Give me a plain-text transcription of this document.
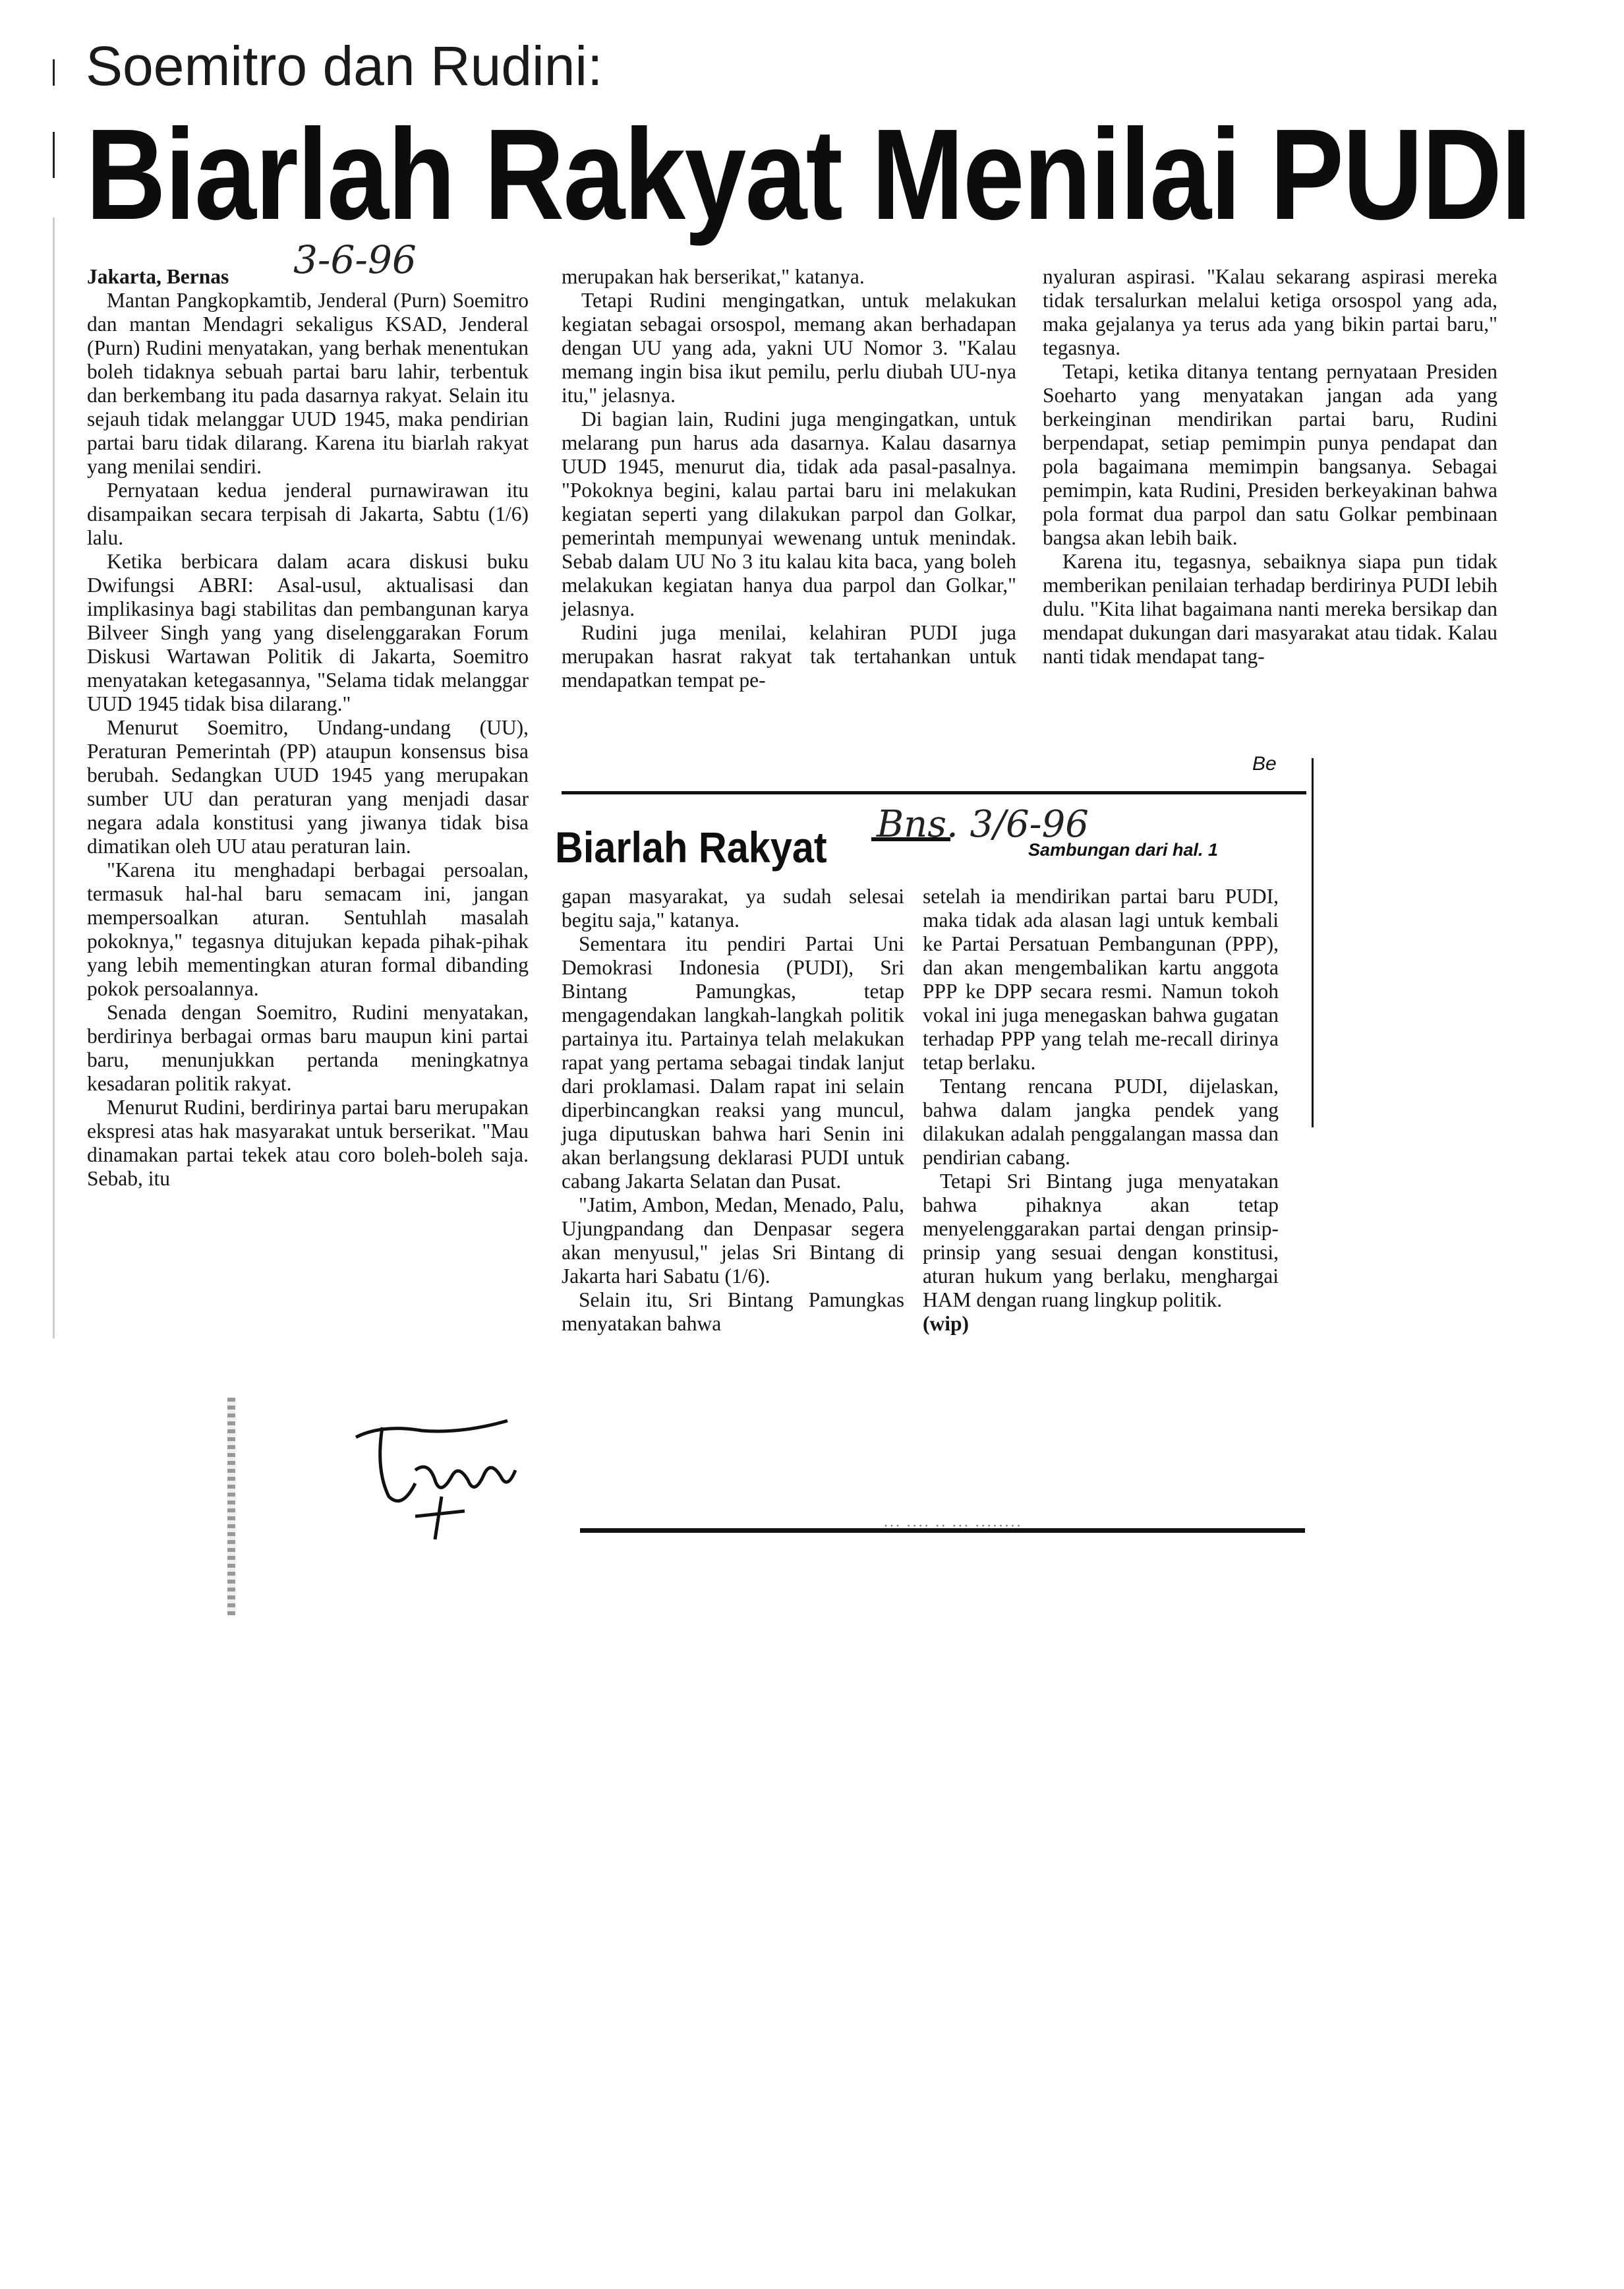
Soemitro dan Rudini:
Biarlah Rakyat Menilai PUDI
3-6-96

Jakarta, Bernas

Mantan Pangkopkamtib, Jenderal (Purn) Soemitro dan mantan Mendagri sekaligus KSAD, Jenderal (Purn) Rudini menyatakan, yang berhak menentukan boleh tidaknya sebuah partai baru lahir, terbentuk dan berkembang itu pada dasarnya rakyat. Selain itu sejauh tidak melanggar UUD 1945, maka pendirian partai baru tidak dilarang. Karena itu biarlah rakyat yang menilai sendiri.

Pernyataan kedua jenderal purnawirawan itu disampaikan secara terpisah di Jakarta, Sabtu (1/6) lalu.

Ketika berbicara dalam acara diskusi buku Dwifungsi ABRI: Asal-usul, aktualisasi dan implikasinya bagi stabilitas dan pembangunan karya Bilveer Singh yang yang diselenggarakan Forum Diskusi Wartawan Politik di Jakarta, Soemitro menyatakan ketegasannya, "Selama tidak melanggar UUD 1945 tidak bisa dilarang."

Menurut Soemitro, Undang-undang (UU), Peraturan Pemerintah (PP) ataupun konsensus bisa berubah. Sedangkan UUD 1945 yang merupakan sumber UU dan peraturan yang menjadi dasar negara adala konstitusi yang jiwanya tidak bisa dimatikan oleh UU atau peraturan lain.

"Karena itu menghadapi berbagai persoalan, termasuk hal-hal baru semacam ini, jangan mempersoalkan aturan. Sentuhlah masalah pokoknya," tegasnya ditujukan kepada pihak-pihak yang lebih mementingkan aturan formal dibanding pokok persoalannya.

Senada dengan Soemitro, Rudini menyatakan, berdirinya berbagai ormas baru maupun kini partai baru, menunjukkan pertanda meningkatnya kesadaran politik rakyat.

Menurut Rudini, berdirinya partai baru merupakan ekspresi atas hak masyarakat untuk berserikat. "Mau dinamakan partai tekek atau coro boleh-boleh saja. Sebab, itu

merupakan hak berserikat," katanya.

Tetapi Rudini mengingatkan, untuk melakukan kegiatan sebagai orsospol, memang akan berhadapan dengan UU yang ada, yakni UU Nomor 3. "Kalau memang ingin bisa ikut pemilu, perlu diubah UU-nya itu," jelasnya.

Di bagian lain, Rudini juga mengingatkan, untuk melarang pun harus ada dasarnya. Kalau dasarnya UUD 1945, menurut dia, tidak ada pasal-pasalnya. "Pokoknya begini, kalau partai baru ini melakukan kegiatan seperti yang dilakukan parpol dan Golkar, pemerintah mempunyai wewenang untuk menindak. Sebab dalam UU No 3 itu kalau kita baca, yang boleh melakukan kegiatan hanya dua parpol dan Golkar," jelasnya.

Rudini juga menilai, kelahiran PUDI juga merupakan hasrat rakyat tak tertahankan untuk mendapatkan tempat pe-

nyaluran aspirasi. "Kalau sekarang aspirasi mereka tidak tersalurkan melalui ketiga orsospol yang ada, maka gejalanya ya terus ada yang bikin partai baru," tegasnya.

Tetapi, ketika ditanya tentang pernyataan Presiden Soeharto yang menyatakan jangan ada yang berkeinginan mendirikan partai baru, Rudini berpendapat, setiap pemimpin punya pendapat dan pola bagaimana memimpin bangsanya. Sebagai pemimpin, kata Rudini, Presiden berkeyakinan bahwa pola format dua parpol dan satu Golkar pembinaan bangsa akan lebih baik.

Karena itu, tegasnya, sebaiknya siapa pun tidak memberikan penilaian terhadap berdirinya PUDI lebih dulu. "Kita lihat bagaimana nanti mereka bersikap dan mendapat dukungan dari masyarakat atau tidak. Kalau nanti tidak mendapat tang-

Be
Biarlah Rakyat Bns. 3/6-96
Sambungan dari hal. 1

gapan masyarakat, ya sudah selesai begitu saja," katanya.

Sementara itu pendiri Partai Uni Demokrasi Indonesia (PUDI), Sri Bintang Pamungkas, tetap mengagendakan langkah-langkah politik partainya itu. Partainya telah melakukan rapat yang pertama sebagai tindak lanjut dari proklamasi. Dalam rapat ini selain diperbincangkan reaksi yang muncul, juga diputuskan bahwa hari Senin ini akan berlangsung deklarasi PUDI untuk cabang Jakarta Selatan dan Pusat.

"Jatim, Ambon, Medan, Menado, Palu, Ujungpandang dan Denpasar segera akan menyusul," jelas Sri Bintang di Jakarta hari Sabatu (1/6).

Selain itu, Sri Bintang Pamungkas menyatakan bahwa

setelah ia mendirikan partai baru PUDI, maka tidak ada alasan lagi untuk kembali ke Partai Persatuan Pembangunan (PPP), dan akan mengembalikan kartu anggota PPP ke DPP secara resmi. Namun tokoh vokal ini juga menegaskan bahwa gugatan terhadap PPP yang telah me-recall dirinya tetap berlaku.

Tentang rencana PUDI, dijelaskan, bahwa dalam jangka pendek yang dilakukan adalah penggalangan massa dan pendirian cabang.

Tetapi Sri Bintang juga menyatakan bahwa pihaknya akan tetap menyelenggarakan partai dengan prinsip-prinsip yang sesuai dengan konstitusi, aturan hukum yang berlaku, menghargai HAM dengan ruang lingkup politik.

(wip)

··· ···· ·· ··· ········
